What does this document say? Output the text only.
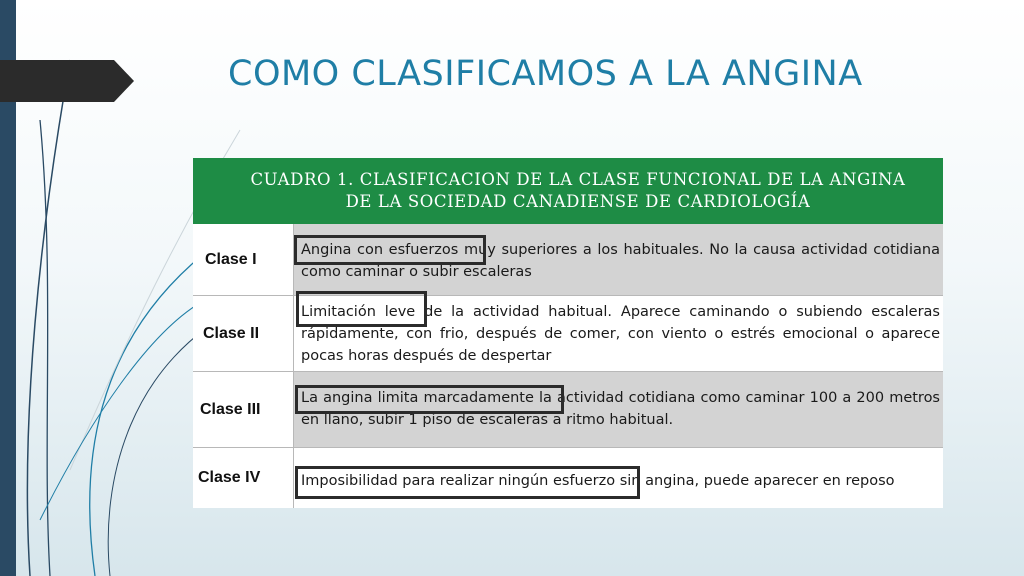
COMO CLASIFICAMOS A LA ANGINA
CUADRO 1. CLASIFICACION DE LA CLASE FUNCIONAL DE LA ANGINA
DE LA SOCIEDAD CANADIENSE DE CARDIOLOGÍA
Clase I
Angina con esfuerzos muy superiores a los habituales. No la causa actividad cotidiana como caminar o subir escaleras
Clase II
Limitación leve de la actividad habitual. Aparece caminando o subiendo escaleras rápidamente, con frio, después de comer, con viento o estrés emocional o aparece pocas horas después de despertar
Clase III
La angina limita marcadamente la actividad cotidiana como caminar 100 a 200 metros en llano, subir 1 piso de escaleras a ritmo habitual.
Clase IV	Imposibilidad para realizar ningún esfuerzo sin angina, puede aparecer en reposo
